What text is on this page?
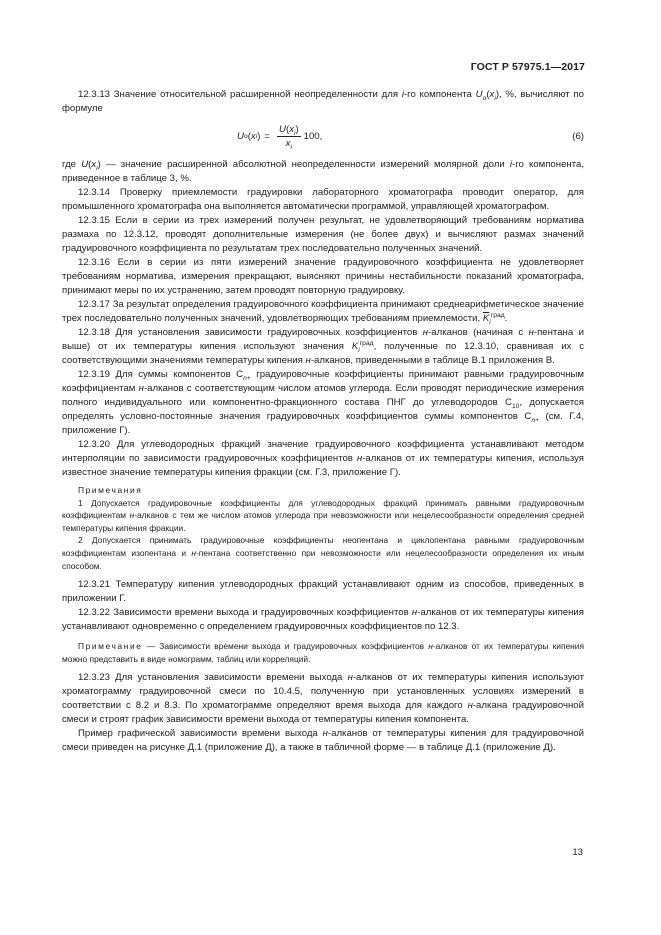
ГОСТ Р 57975.1—2017

12.3.13 Значение относительной расширенной неопределенности для i-го компонента $U_o(x_i)$, %, вычисляют по формуле

U o ( x i ) = $\frac{U(x_i)}{x_i} 100$,	(6)

где $U(x_i)$ — значение расширенной абсолютной неопределенности измерений молярной доли i-го компонента, приведенное в таблице 3, %.

12.3.14 Проверку приемлемости градуировки лабораторного хроматографа проводит оператор, для промышленного хроматографа она выполняется автоматически программой, управляющей хроматографом.

12.3.15 Если в серии из трех измерений получен результат, не удовлетворяющий требованиям норматива размаха по 12.3.12, проводят дополнительные измерения (не более двух) и вычисляют размах значений градуировочного коэффициента по результатам трех последовательно полученных значений.

12.3.16 Если в серии из пяти измерений значение градуировочного коэффициента не удовлетворяет требованиям норматива, измерения прекращают, выясняют причины нестабильности показаний хроматографа, принимают меры по их устранению, затем проводят повторную градуировку.

12.3.17 За результат определения градуировочного коэффициента принимают среднеарифметическое значение трех последовательно полученных значений, удовлетворяющих требованиям приемлемости, $\overline{K}_i^{град}$.

12.3.18 Для установления зависимости градуировочных коэффициентов н-алканов (начиная с н-пентана и выше) от их температуры кипения используют значения $K_i^{град}$, полученные по 12.3.10, сравнивая их с соответствующими значениями температуры кипения н-алканов, приведенными в таблице В.1 приложения В.

12.3.19 Для суммы компонентов $С_{n+}$ градуировочные коэффициенты принимают равными градуировочным коэффициентам н-алканов с соответствующим числом атомов углерода. Если проводят периодические измерения полного индивидуального или компонентно-фракционного состава ПНГ до углеводородов $С_{10}$, допускается определять условно-постоянные значения градуировочных коэффициентов суммы компонентов $С_{n+}$ (см. Г.4, приложение Г).

12.3.20 Для углеводородных фракций значение градуировочного коэффициента устанавливают методом интерполяции по зависимости градуировочных коэффициентов н-алканов от их температуры кипения, используя известное значение температуры кипения фракции (см. Г.3, приложение Г).

Примечания

1 Допускается градуировочные коэффициенты для углеводородных фракций принимать равными градуировочным коэффициентам н-алканов с тем же числом атомов углерода при невозможности или нецелесообразности определения средней температуры кипения фракции.

2 Допускается принимать градуировочные коэффициенты неопентана и циклопентана равными градуировочным коэффициентам изопентана и н-пентана соответственно при невозможности или нецелесообразности определения их иным способом.

12.3.21 Температуру кипения углеводородных фракций устанавливают одним из способов, приведенных в приложении Г.

12.3.22 Зависимости времени выхода и градуировочных коэффициентов н-алканов от их температуры кипения устанавливают одновременно с определением градуировочных коэффициентов по 12.3.

Примечание — Зависимости времени выхода и градуировочных коэффициентов н-алканов от их температуры кипения можно представить в виде номограмм, таблиц или корреляций.

12.3.23 Для установления зависимости времени выхода н-алканов от их температуры кипения используют хроматограмму градуировочной смеси по 10.4.5, полученную при установленных условиях измерений в соответствии с 8.2 и 8.3. По хроматограмме определяют время выхода для каждого н-алкана градуировочной смеси и строят график зависимости времени выхода от температуры кипения компонента.

Пример графической зависимости времени выхода н-алканов от температуры кипения для градуировочной смеси приведен на рисунке Д.1 (приложение Д), а также в табличной форме — в таблице Д.1 (приложение Д).

13
